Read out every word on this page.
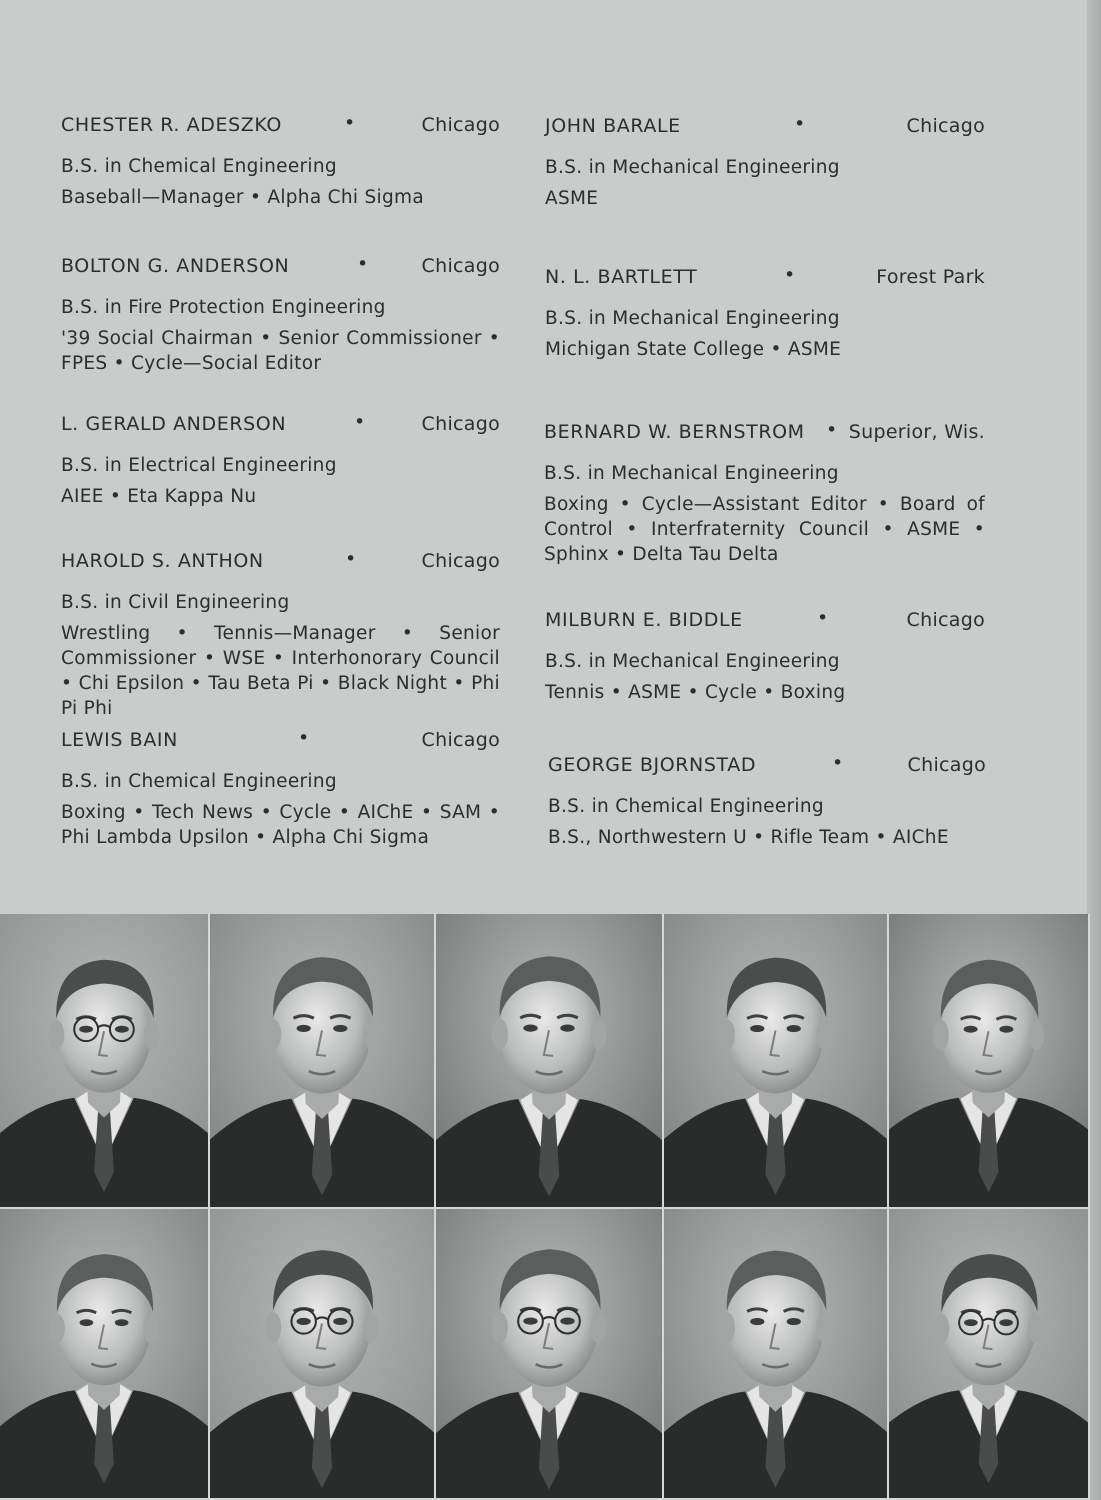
CHESTER R. ADESZKO	•	Chicago
B.S. in Chemical Engineering
Baseball—Manager • Alpha Chi Sigma
BOLTON G. ANDERSON	•	Chicago
B.S. in Fire Protection Engineering
'39 Social Chairman • Senior Commissioner • FPES • Cycle—Social Editor
L. GERALD ANDERSON	•	Chicago
B.S. in Electrical Engineering
AIEE • Eta Kappa Nu
HAROLD S. ANTHON	•	Chicago
B.S. in Civil Engineering
Wrestling • Tennis—Manager • Senior Commissioner • WSE • Interhonorary Council • Chi Epsilon • Tau Beta Pi • Black Night • Phi Pi Phi
LEWIS BAIN	•	Chicago
B.S. in Chemical Engineering
Boxing • Tech News • Cycle • AIChE • SAM • Phi Lambda Upsilon • Alpha Chi Sigma
JOHN BARALE	•	Chicago
B.S. in Mechanical Engineering
ASME
N. L. BARTLETT	•	Forest Park
B.S. in Mechanical Engineering
Michigan State College • ASME
BERNARD W. BERNSTROM • Superior, Wis.
B.S. in Mechanical Engineering
Boxing • Cycle—Assistant Editor • Board of Control • Interfraternity Council • ASME • Sphinx • Delta Tau Delta
MILBURN E. BIDDLE	•	Chicago
B.S. in Mechanical Engineering
Tennis • ASME • Cycle • Boxing
GEORGE BJORNSTAD	•	Chicago
B.S. in Chemical Engineering
B.S., Northwestern U • Rifle Team • AIChE
